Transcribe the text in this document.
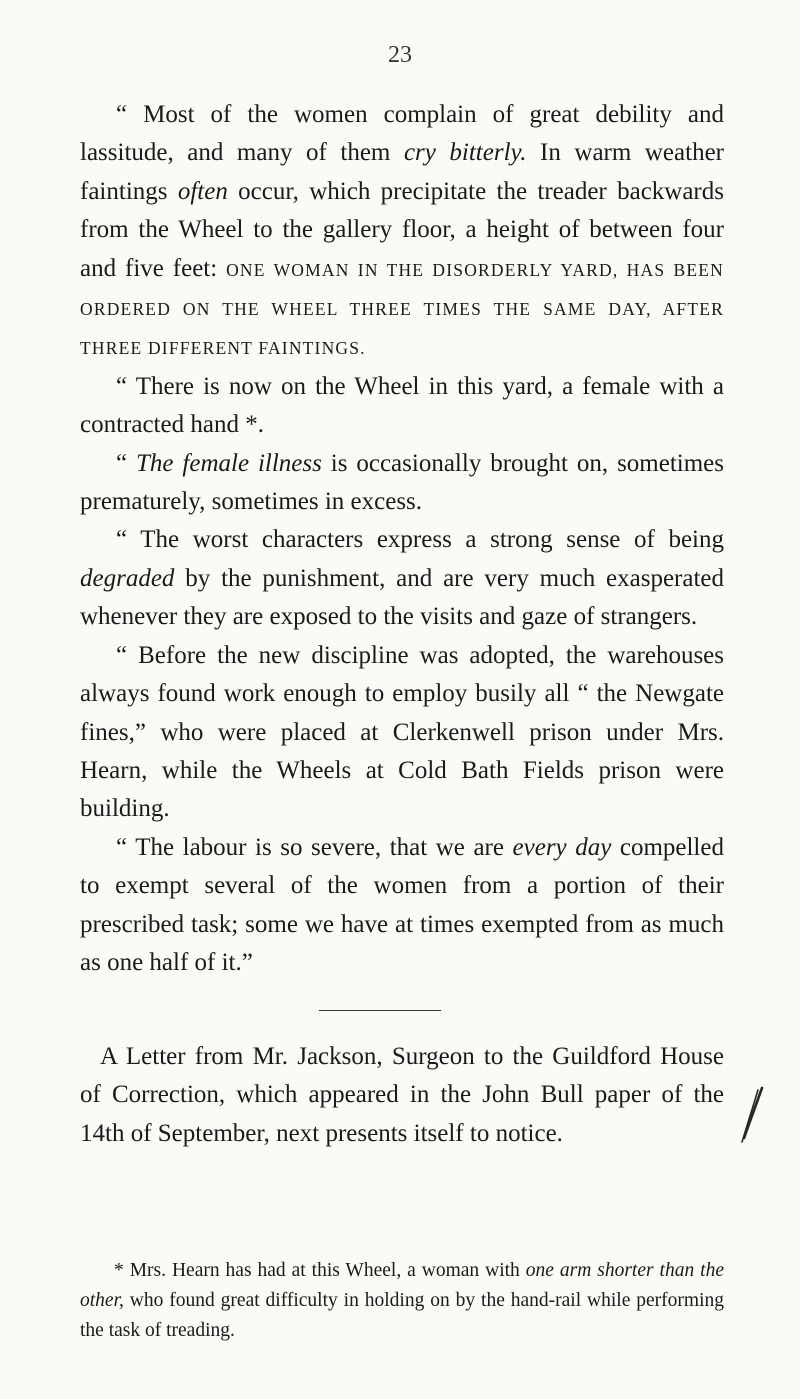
23

“ Most of the women complain of great debility and lassitude, and many of them cry bitterly. In warm weather faintings often occur, which precipitate the treader backwards from the Wheel to the gallery floor, a height of between four and five feet: ONE WOMAN IN THE DISORDERLY YARD, HAS BEEN ORDERED ON THE WHEEL THREE TIMES THE SAME DAY, AFTER THREE DIFFERENT FAINTINGS.

“ There is now on the Wheel in this yard, a female with a contracted hand *.

“ The female illness is occasionally brought on, sometimes prematurely, sometimes in excess.

“ The worst characters express a strong sense of being degraded by the punishment, and are very much exasperated whenever they are exposed to the visits and gaze of strangers.

“ Before the new discipline was adopted, the warehouses always found work enough to employ busily all “ the Newgate fines,” who were placed at Clerkenwell prison under Mrs. Hearn, while the Wheels at Cold Bath Fields prison were building.

“ The labour is so severe, that we are every day compelled to exempt several of the women from a portion of their prescribed task; some we have at times exempted from as much as one half of it.”

A Letter from Mr. Jackson, Surgeon to the Guildford House of Correction, which appeared in the John Bull paper of the 14th of September, next presents itself to notice.

* Mrs. Hearn has had at this Wheel, a woman with one arm shorter than the other, who found great difficulty in holding on by the hand-rail while performing the task of treading.
